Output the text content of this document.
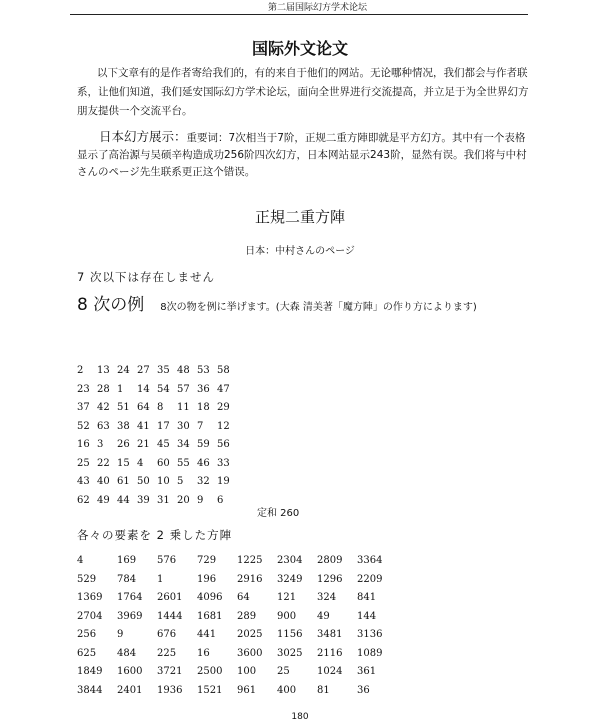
第二届国际幻方学术论坛
国际外文论文
以下文章有的是作者寄给我们的，有的来自于他们的网站。无论哪种情况，我们都会与作者联系，让他们知道，我们延安国际幻方学术论坛，面向全世界进行交流提高，并立足于为全世界幻方朋友提供一个交流平台。
日本幻方展示：重要词：7次相当于7阶，正规二重方陣即就是平方幻方。其中有一个表格显示了高治源与吴硕辛构造成功256阶四次幻方，日本网站显示243阶，显然有误。我们将与中村さんのページ先生联系更正这个错误。
正規二重方陣
日本：中村さんのページ
7 次以下は存在しません
8 次の例 8次の物を例に挙げます。(大森 清美著「魔方陣」の作り方によります)
2	13 24 27 35 48 53 58
23 28 1	14 54 57 36 47
37 42 51 64 8	11 18 29
52 63 38 41 17 30 7	12
16 3	26 21 45 34 59 56
25 22 15 4	60 55 46 33
43 40 61 50 10 5	32 19
62 49 44 39 31 20 9	6
定和 260
各々の要素を 2 乗した方陣
4	169	576	729	1225	2304	2809	3364
529	784	1	196	2916	3249	1296	2209
1369	1764	2601	4096	64	121	324	841
2704	3969	1444	1681	289	900	49	144
256	9	676	441	2025	1156	3481	3136
625	484	225	16	3600	3025	2116	1089
1849	1600	3721	2500	100	25	1024	361
3844	2401	1936	1521	961	400	81	36
180
